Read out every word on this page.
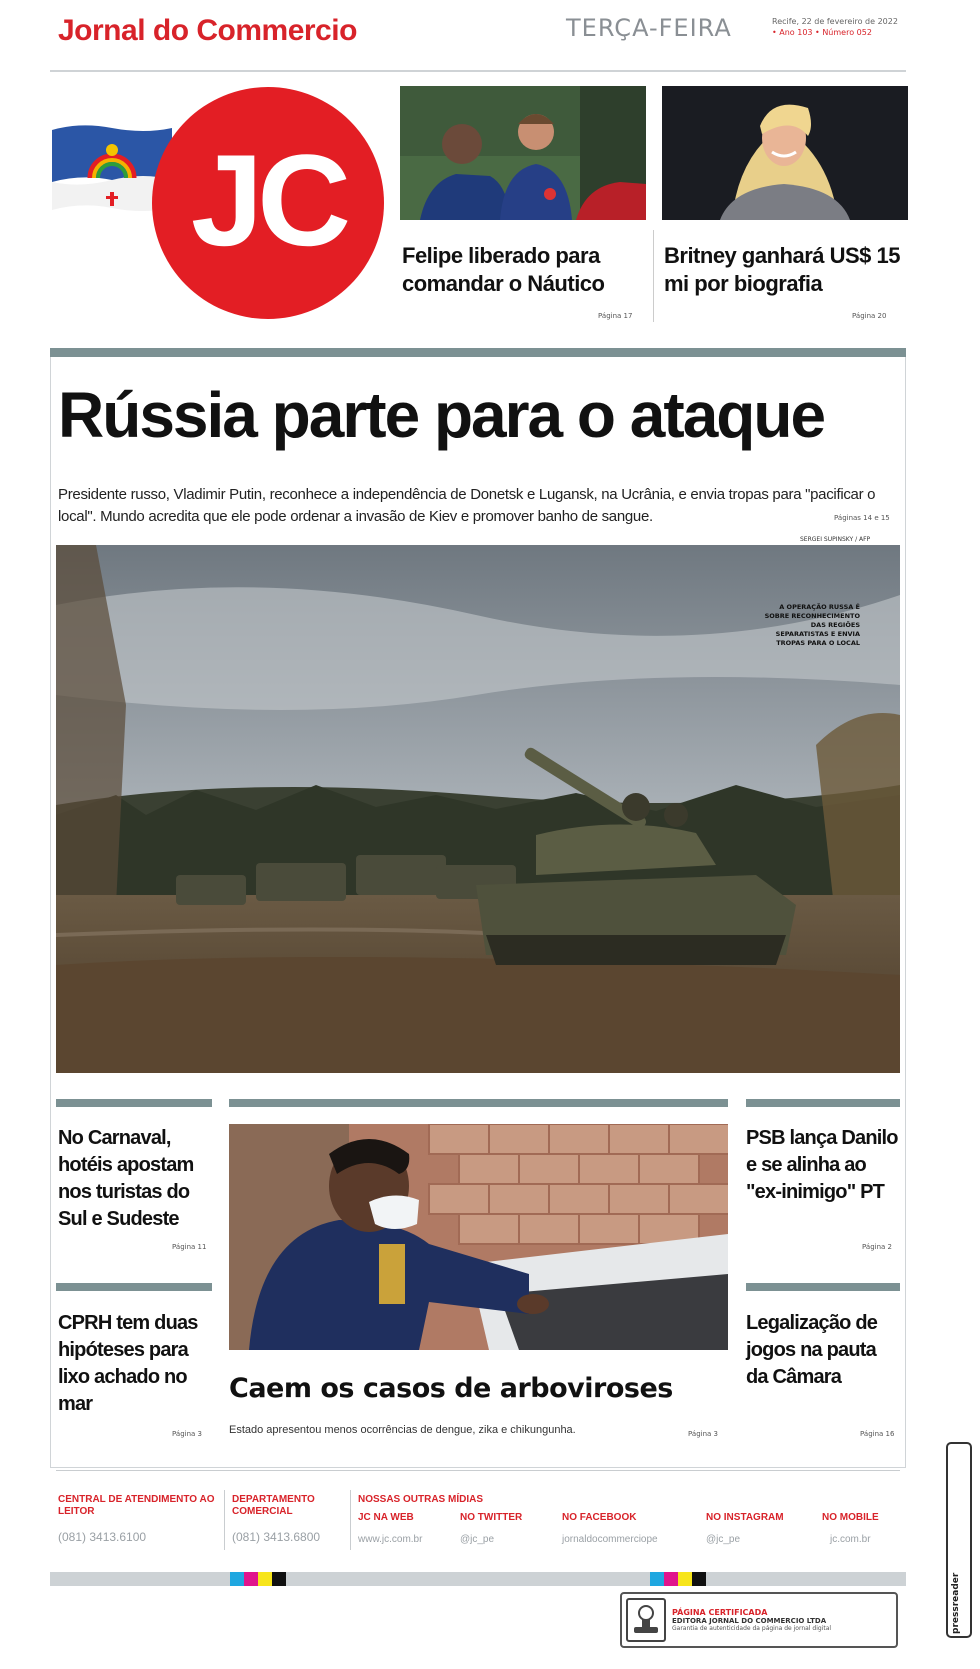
Jornal do Commercio	TERÇA-FEIRA	Recife, 22 de fevereiro de 2022
• Ano 103 • Número 052
JC	Felipe liberado para comandar o Náutico
Britney ganhará US$ 15 mi por biografia
Página 17	Página 20
Rússia parte para o ataque
Presidente russo, Vladimir Putin, reconhece a independência de Donetsk e Lugansk, na Ucrânia, e envia tropas para "pacificar o local". Mundo acredita que ele pode ordenar a invasão de Kiev e promover banho de sangue.	Páginas 14 e 15
SERGEI SUPINSKY / AFP
A OPERAÇÃO RUSSA É SOBRE RECONHECIMENTO DAS REGIÕES SEPARATISTAS E ENVIA TROPAS PARA O LOCAL
No Carnaval, hotéis apostam nos turistas do Sul e Sudeste
Página 11
CPRH tem duas hipóteses para lixo achado no mar
Página 3
PSB lança Danilo e se alinha ao "ex-inimigo" PT
Página 2
Legalização de jogos na pauta da Câmara
Página 16
Caem os casos de arboviroses
Estado apresentou menos ocorrências de dengue, zika e chikungunha.	Página 3
CENTRAL DE ATENDIMENTO AO LEITOR
(081) 3413.6100
DEPARTAMENTO COMERCIAL
(081) 3413.6800
NOSSAS OUTRAS MÍDIAS
JC NA WEB
www.jc.com.br
NO TWITTER
@jc_pe
NO FACEBOOK
jornaldocommerciope
NO INSTAGRAM
@jc_pe
NO MOBILE
jc.com.br
PÁGINA CERTIFICADA
EDITORA JORNAL DO COMMERCIO LTDA
Garantia de autenticidade da página de jornal digital	pressreader
